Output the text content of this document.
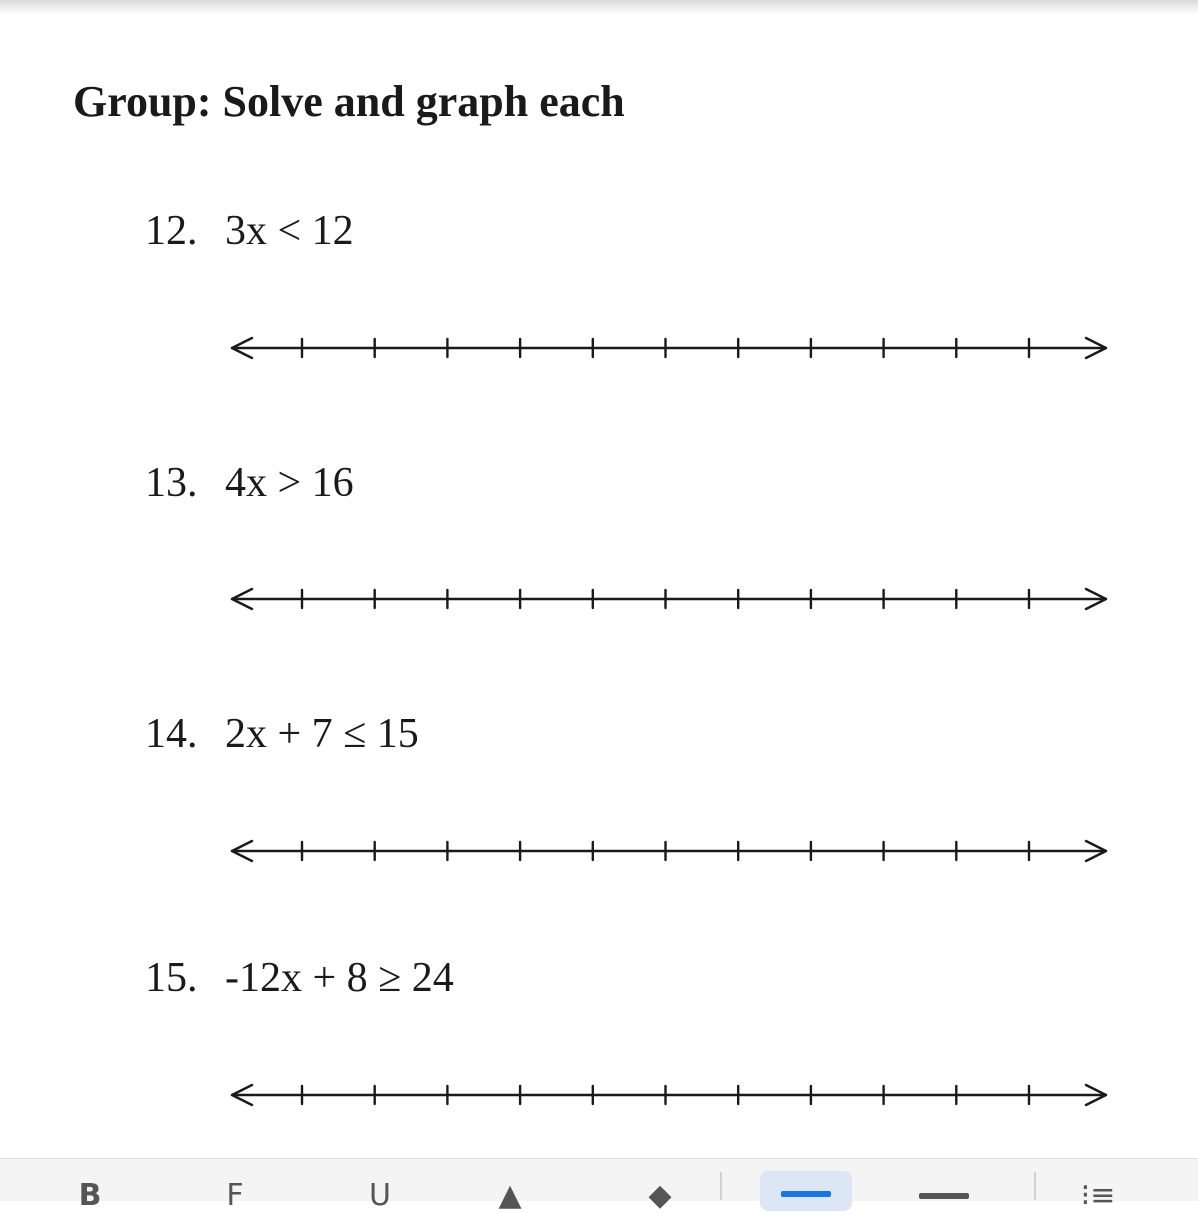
Group: Solve and graph each
12. 3x < 12
13. 4x > 16
14. 2x + 7 ≤ 15
15. -12x + 8 ≥ 24
B	F	U	▲	◆	⁝≡
